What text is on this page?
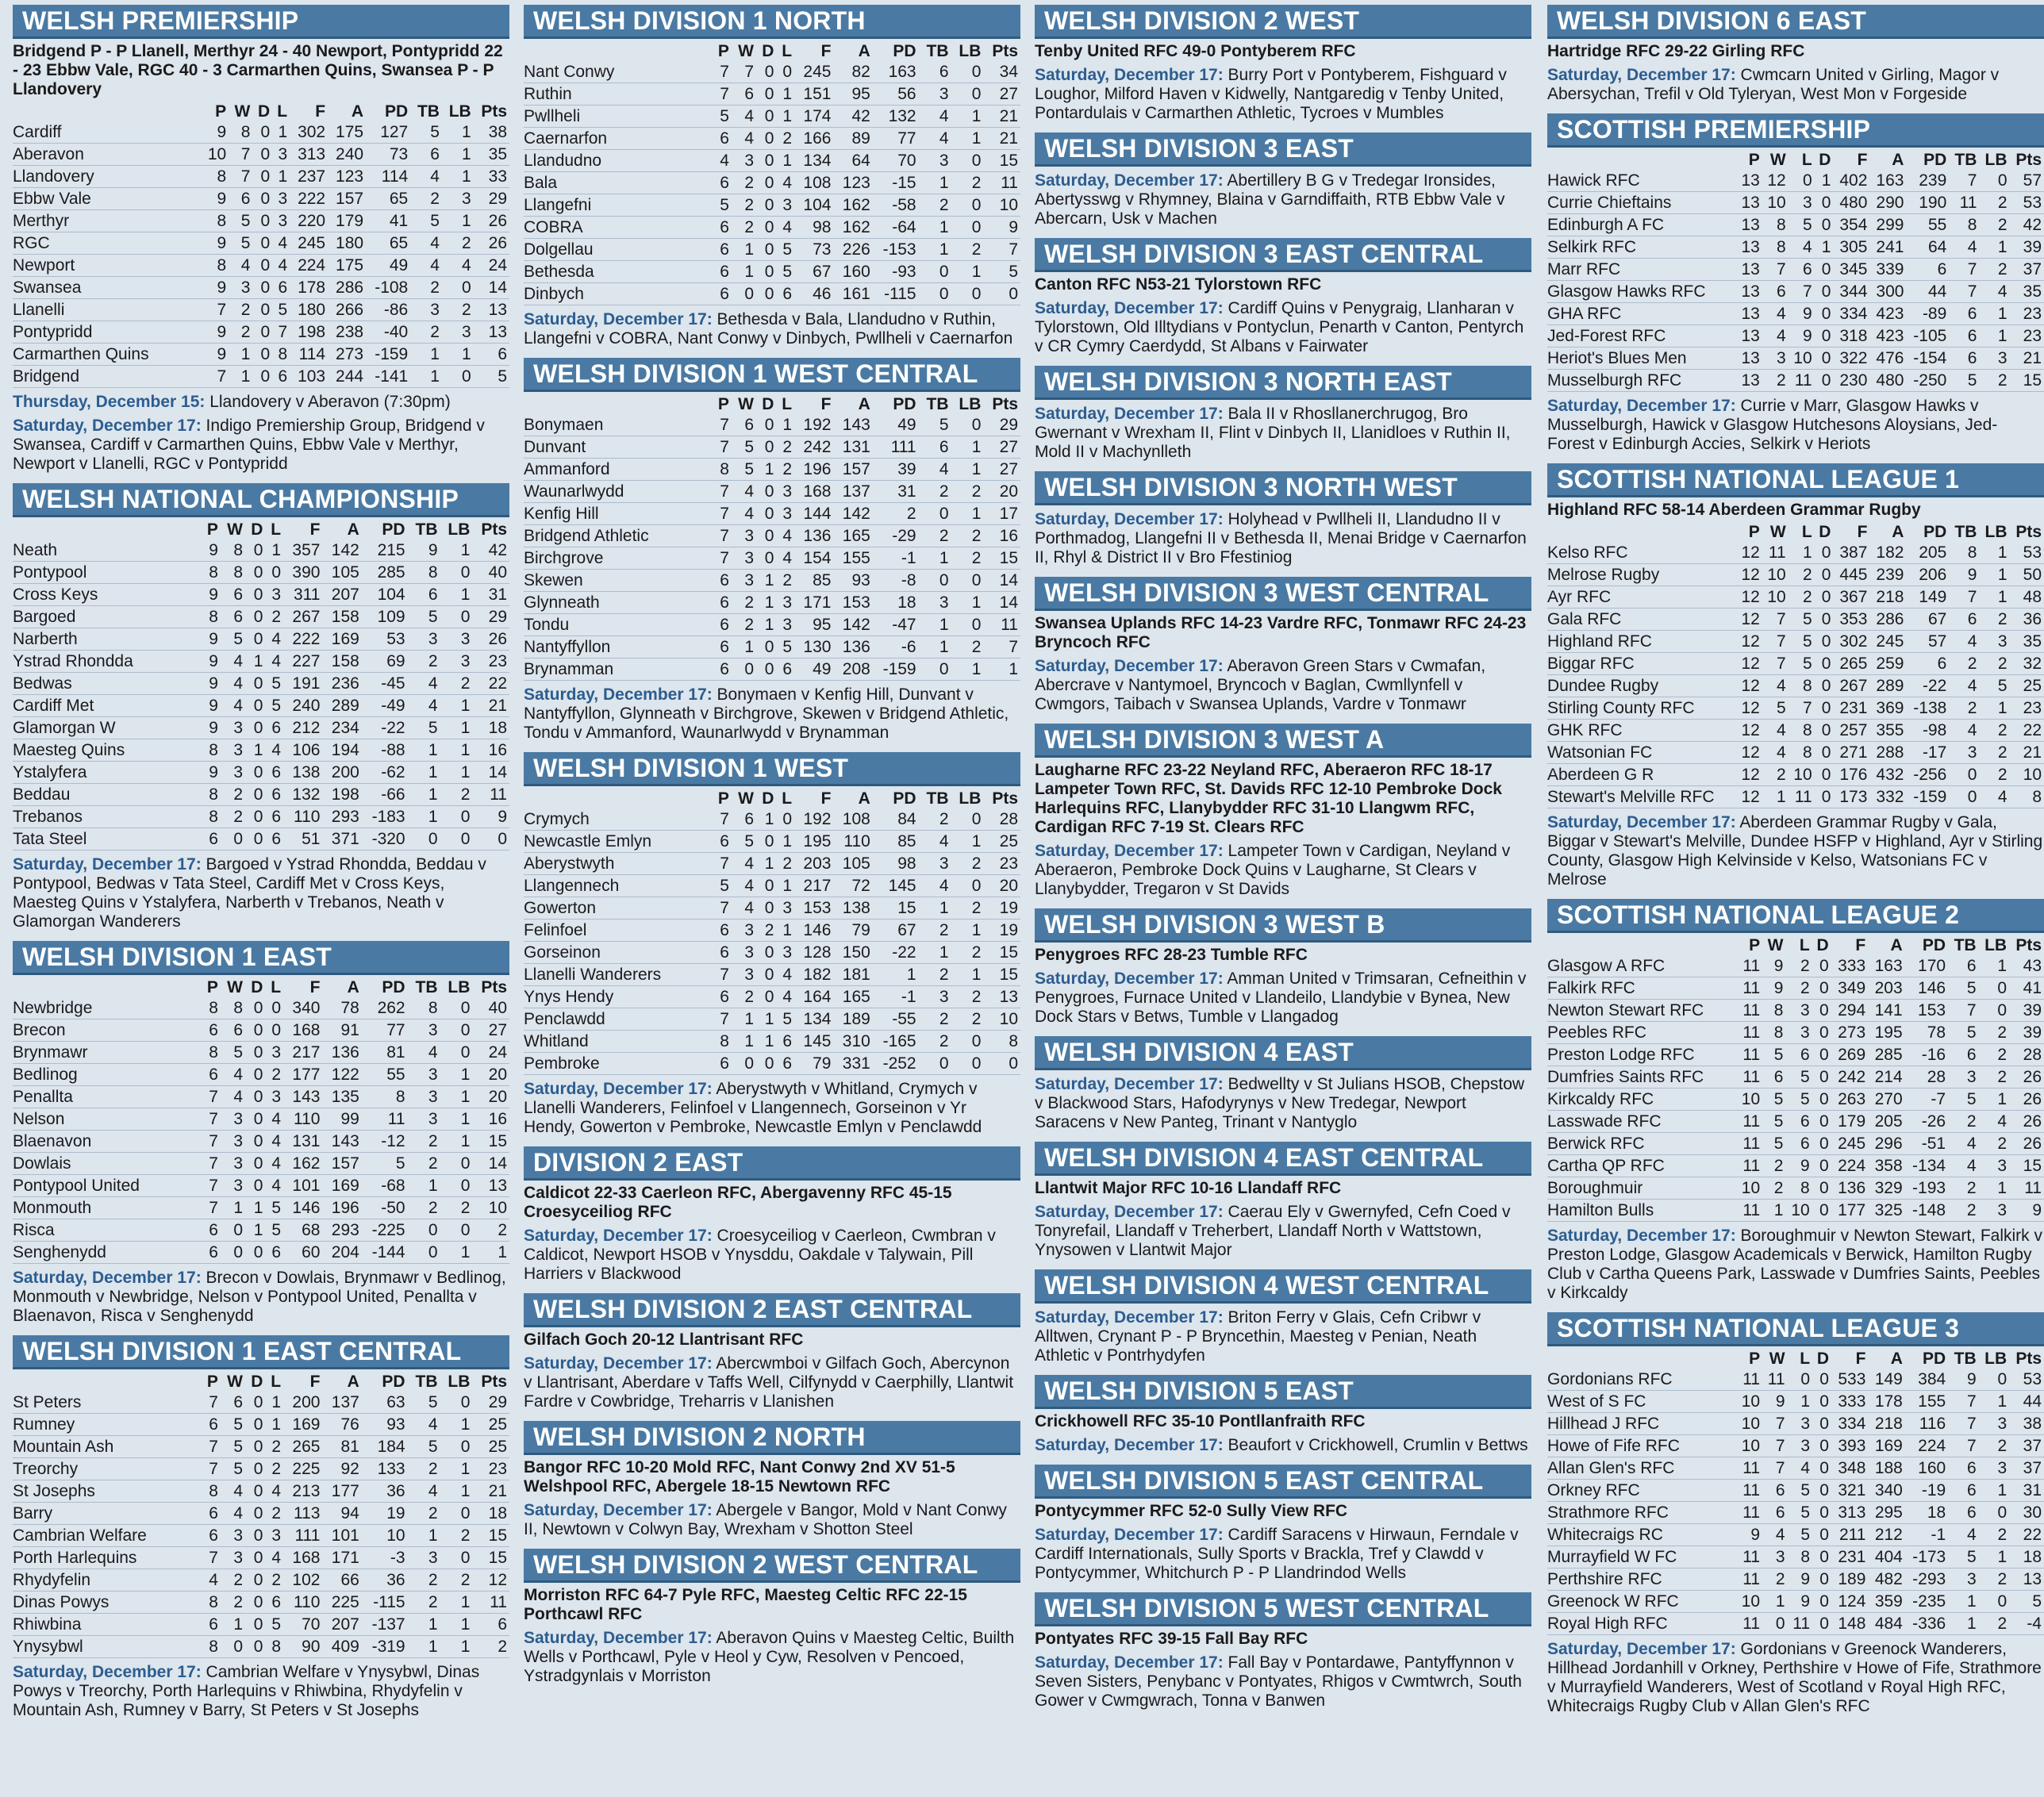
WELSH PREMIERSHIP
Bridgend P - P Llanell, Merthyr 24 - 40 Newport, Pontypridd 22 - 23 Ebbw Vale, RGC 40 - 3 Carmarthen Quins, Swansea P - P Llandovery
	P	W	D	L	F	A	PD	TB	LB	Pts
Cardiff	9	8	0	1	302	175	127	5	1	38
Aberavon	10	7	0	3	313	240	73	6	1	35
Llandovery	8	7	0	1	237	123	114	4	1	33
Ebbw Vale	9	6	0	3	222	157	65	2	3	29
Merthyr	8	5	0	3	220	179	41	5	1	26
RGC	9	5	0	4	245	180	65	4	2	26
Newport	8	4	0	4	224	175	49	4	4	24
Swansea	9	3	0	6	178	286	-108	2	0	14
Llanelli	7	2	0	5	180	266	-86	3	2	13
Pontypridd	9	2	0	7	198	238	-40	2	3	13
Carmarthen Quins	9	1	0	8	114	273	-159	1	1	6
Bridgend	7	1	0	6	103	244	-141	1	0	5
Thursday, December 15: Llandovery v Aberavon (7:30pm)
Saturday, December 17: Indigo Premiership Group, Bridgend v Swansea, Cardiff v Carmarthen Quins, Ebbw Vale v Merthyr, Newport v Llanelli, RGC v Pontypridd
WELSH NATIONAL CHAMPIONSHIP
	P	W	D	L	F	A	PD	TB	LB	Pts
Neath	9	8	0	1	357	142	215	9	1	42
Pontypool	8	8	0	0	390	105	285	8	0	40
Cross Keys	9	6	0	3	311	207	104	6	1	31
Bargoed	8	6	0	2	267	158	109	5	0	29
Narberth	9	5	0	4	222	169	53	3	3	26
Ystrad Rhondda	9	4	1	4	227	158	69	2	3	23
Bedwas	9	4	0	5	191	236	-45	4	2	22
Cardiff Met	9	4	0	5	240	289	-49	4	1	21
Glamorgan W	9	3	0	6	212	234	-22	5	1	18
Maesteg Quins	8	3	1	4	106	194	-88	1	1	16
Ystalyfera	9	3	0	6	138	200	-62	1	1	14
Beddau	8	2	0	6	132	198	-66	1	2	11
Trebanos	8	2	0	6	110	293	-183	1	0	9
Tata Steel	6	0	0	6	51	371	-320	0	0	0
Saturday, December 17: Bargoed v Ystrad Rhondda, Beddau v Pontypool, Bedwas v Tata Steel, Cardiff Met v Cross Keys, Maesteg Quins v Ystalyfera, Narberth v Trebanos, Neath v Glamorgan Wanderers
WELSH DIVISION 1 EAST
	P	W	D	L	F	A	PD	TB	LB	Pts
Newbridge	8	8	0	0	340	78	262	8	0	40
Brecon	6	6	0	0	168	91	77	3	0	27
Brynmawr	8	5	0	3	217	136	81	4	0	24
Bedlinog	6	4	0	2	177	122	55	3	1	20
Penallta	7	4	0	3	143	135	8	3	1	20
Nelson	7	3	0	4	110	99	11	3	1	16
Blaenavon	7	3	0	4	131	143	-12	2	1	15
Dowlais	7	3	0	4	162	157	5	2	0	14
Pontypool United	7	3	0	4	101	169	-68	1	0	13
Monmouth	7	1	1	5	146	196	-50	2	2	10
Risca	6	0	1	5	68	293	-225	0	0	2
Senghenydd	6	0	0	6	60	204	-144	0	1	1
Saturday, December 17: Brecon v Dowlais, Brynmawr v Bedlinog, Monmouth v Newbridge, Nelson v Pontypool United, Penallta v Blaenavon, Risca v Senghenydd
WELSH DIVISION 1 EAST CENTRAL
	P	W	D	L	F	A	PD	TB	LB	Pts
St Peters	7	6	0	1	200	137	63	5	0	29
Rumney	6	5	0	1	169	76	93	4	1	25
Mountain Ash	7	5	0	2	265	81	184	5	0	25
Treorchy	7	5	0	2	225	92	133	2	1	23
St Josephs	8	4	0	4	213	177	36	4	1	21
Barry	6	4	0	2	113	94	19	2	0	18
Cambrian Welfare	6	3	0	3	111	101	10	1	2	15
Porth Harlequins	7	3	0	4	168	171	-3	3	0	15
Rhydyfelin	4	2	0	2	102	66	36	2	2	12
Dinas Powys	8	2	0	6	110	225	-115	2	1	11
Rhiwbina	6	1	0	5	70	207	-137	1	1	6
Ynysybwl	8	0	0	8	90	409	-319	1	1	2
Saturday, December 17: Cambrian Welfare v Ynysybwl, Dinas Powys v Treorchy, Porth Harlequins v Rhiwbina, Rhydyfelin v Mountain Ash, Rumney v Barry, St Peters v St Josephs
WELSH DIVISION 1 NORTH
	P	W	D	L	F	A	PD	TB	LB	Pts
Nant Conwy	7	7	0	0	245	82	163	6	0	34
Ruthin	7	6	0	1	151	95	56	3	0	27
Pwllheli	5	4	0	1	174	42	132	4	1	21
Caernarfon	6	4	0	2	166	89	77	4	1	21
Llandudno	4	3	0	1	134	64	70	3	0	15
Bala	6	2	0	4	108	123	-15	1	2	11
Llangefni	5	2	0	3	104	162	-58	2	0	10
COBRA	6	2	0	4	98	162	-64	1	0	9
Dolgellau	6	1	0	5	73	226	-153	1	2	7
Bethesda	6	1	0	5	67	160	-93	0	1	5
Dinbych	6	0	0	6	46	161	-115	0	0	0
Saturday, December 17: Bethesda v Bala, Llandudno v Ruthin, Llangefni v COBRA, Nant Conwy v Dinbych, Pwllheli v Caernarfon
WELSH DIVISION 1 WEST CENTRAL
	P	W	D	L	F	A	PD	TB	LB	Pts
Bonymaen	7	6	0	1	192	143	49	5	0	29
Dunvant	7	5	0	2	242	131	111	6	1	27
Ammanford	8	5	1	2	196	157	39	4	1	27
Waunarlwydd	7	4	0	3	168	137	31	2	2	20
Kenfig Hill	7	4	0	3	144	142	2	0	1	17
Bridgend Athletic	7	3	0	4	136	165	-29	2	2	16
Birchgrove	7	3	0	4	154	155	-1	1	2	15
Skewen	6	3	1	2	85	93	-8	0	0	14
Glynneath	6	2	1	3	171	153	18	3	1	14
Tondu	6	2	1	3	95	142	-47	1	0	11
Nantyffyllon	6	1	0	5	130	136	-6	1	2	7
Brynamman	6	0	0	6	49	208	-159	0	1	1
Saturday, December 17: Bonymaen v Kenfig Hill, Dunvant v Nantyffyllon, Glynneath v Birchgrove, Skewen v Bridgend Athletic, Tondu v Ammanford, Waunarlwydd v Brynamman
WELSH DIVISION 1 WEST
	P	W	D	L	F	A	PD	TB	LB	Pts
Crymych	7	6	1	0	192	108	84	2	0	28
Newcastle Emlyn	6	5	0	1	195	110	85	4	1	25
Aberystwyth	7	4	1	2	203	105	98	3	2	23
Llangennech	5	4	0	1	217	72	145	4	0	20
Gowerton	7	4	0	3	153	138	15	1	2	19
Felinfoel	6	3	2	1	146	79	67	2	1	19
Gorseinon	6	3	0	3	128	150	-22	1	2	15
Llanelli Wanderers	7	3	0	4	182	181	1	2	1	15
Ynys Hendy	6	2	0	4	164	165	-1	3	2	13
Penclawdd	7	1	1	5	134	189	-55	2	2	10
Whitland	8	1	1	6	145	310	-165	2	0	8
Pembroke	6	0	0	6	79	331	-252	0	0	0
Saturday, December 17: Aberystwyth v Whitland, Crymych v Llanelli Wanderers, Felinfoel v Llangennech, Gorseinon v Yr Hendy, Gowerton v Pembroke, Newcastle Emlyn v Penclawdd
DIVISION 2 EAST
Caldicot 22-33 Caerleon RFC, Abergavenny RFC 45-15 Croesyceiliog RFC
Saturday, December 17: Croesyceiliog v Caerleon, Cwmbran v Caldicot, Newport HSOB v Ynysddu, Oakdale v Talywain, Pill Harriers v Blackwood
WELSH DIVISION 2 EAST CENTRAL
Gilfach Goch 20-12 Llantrisant RFC
Saturday, December 17: Abercwmboi v Gilfach Goch, Abercynon v Llantrisant, Aberdare v Taffs Well, Cilfynydd v Caerphilly, Llantwit Fardre v Cowbridge, Treharris v Llanishen
WELSH DIVISION 2 NORTH
Bangor RFC 10-20 Mold RFC, Nant Conwy 2nd XV 51-5 Welshpool RFC, Abergele 18-15 Newtown RFC
Saturday, December 17: Abergele v Bangor, Mold v Nant Conwy II, Newtown v Colwyn Bay, Wrexham v Shotton Steel
WELSH DIVISION 2 WEST CENTRAL
Morriston RFC 64-7 Pyle RFC, Maesteg Celtic RFC 22-15 Porthcawl RFC
Saturday, December 17: Aberavon Quins v Maesteg Celtic, Builth Wells v Porthcawl, Pyle v Heol y Cyw, Resolven v Pencoed, Ystradgynlais v Morriston
WELSH DIVISION 2 WEST
Tenby United RFC 49-0 Pontyberem RFC
Saturday, December 17: Burry Port v Pontyberem, Fishguard v Loughor, Milford Haven v Kidwelly, Nantgaredig v Tenby United, Pontardulais v Carmarthen Athletic, Tycroes v Mumbles
WELSH DIVISION 3 EAST
Saturday, December 17: Abertillery B G v Tredegar Ironsides, Abertysswg v Rhymney, Blaina v Garndiffaith, RTB Ebbw Vale v Abercarn, Usk v Machen
WELSH DIVISION 3 EAST CENTRAL
Canton RFC N53-21 Tylorstown RFC
Saturday, December 17: Cardiff Quins v Penygraig, Llanharan v Tylorstown, Old Illtydians v Pontyclun, Penarth v Canton, Pentyrch v CR Cymry Caerdydd, St Albans v Fairwater
WELSH DIVISION 3 NORTH EAST
Saturday, December 17: Bala II v Rhosllanerchrugog, Bro Gwernant v Wrexham II, Flint v Dinbych II, Llanidloes v Ruthin II, Mold II v Machynlleth
WELSH DIVISION 3 NORTH WEST
Saturday, December 17: Holyhead v Pwllheli II, Llandudno II v Porthmadog, Llangefni II v Bethesda II, Menai Bridge v Caernarfon II, Rhyl & District II v Bro Ffestiniog
WELSH DIVISION 3 WEST CENTRAL
Swansea Uplands RFC 14-23 Vardre RFC, Tonmawr RFC 24-23 Bryncoch RFC
Saturday, December 17: Aberavon Green Stars v Cwmafan, Abercrave v Nantymoel, Bryncoch v Baglan, Cwmllynfell v Cwmgors, Taibach v Swansea Uplands, Vardre v Tonmawr
WELSH DIVISION 3 WEST A
Laugharne RFC 23-22 Neyland RFC, Aberaeron RFC 18-17 Lampeter Town RFC, St. Davids RFC 12-10 Pembroke Dock Harlequins RFC, Llanybydder RFC 31-10 Llangwm RFC, Cardigan RFC 7-19 St. Clears RFC
Saturday, December 17: Lampeter Town v Cardigan, Neyland v Aberaeron, Pembroke Dock Quins v Laugharne, St Clears v Llanybydder, Tregaron v St Davids
WELSH DIVISION 3 WEST B
Penygroes RFC 28-23 Tumble RFC
Saturday, December 17: Amman United v Trimsaran, Cefneithin v Penygroes, Furnace United v Llandeilo, Llandybie v Bynea, New Dock Stars v Betws, Tumble v Llangadog
WELSH DIVISION 4 EAST
Saturday, December 17: Bedwellty v St Julians HSOB, Chepstow v Blackwood Stars, Hafodyrynys v New Tredegar, Newport Saracens v New Panteg, Trinant v Nantyglo
WELSH DIVISION 4 EAST CENTRAL
Llantwit Major RFC 10-16 Llandaff RFC
Saturday, December 17: Caerau Ely v Gwernyfed, Cefn Coed v Tonyrefail, Llandaff v Treherbert, Llandaff North v Wattstown, Ynysowen v Llantwit Major
WELSH DIVISION 4 WEST CENTRAL
Saturday, December 17: Briton Ferry v Glais, Cefn Cribwr v Alltwen, Crynant P - P Bryncethin, Maesteg v Penian, Neath Athletic v Pontrhydyfen
WELSH DIVISION 5 EAST
Crickhowell RFC 35-10 Pontllanfraith RFC
Saturday, December 17: Beaufort v Crickhowell, Crumlin v Bettws
WELSH DIVISION 5 EAST CENTRAL
Pontycymmer RFC 52-0 Sully View RFC
Saturday, December 17: Cardiff Saracens v Hirwaun, Ferndale v Cardiff Internationals, Sully Sports v Brackla, Tref y Clawdd v Pontycymmer, Whitchurch P - P Llandrindod Wells
WELSH DIVISION 5 WEST CENTRAL
Pontyates RFC 39-15 Fall Bay RFC
Saturday, December 17: Fall Bay v Pontardawe, Pantyffynnon v Seven Sisters, Penybanc v Pontyates, Rhigos v Cwmtwrch, South Gower v Cwmgwrach, Tonna v Banwen
WELSH DIVISION 6 EAST
Hartridge RFC 29-22 Girling RFC
Saturday, December 17: Cwmcarn United v Girling, Magor v Abersychan, Trefil v Old Tyleryan, West Mon v Forgeside
SCOTTISH PREMIERSHIP
	P	W	L	D	F	A	PD	TB	LB	Pts
Hawick RFC	13	12	0	1	402	163	239	7	0	57
Currie Chieftains	13	10	3	0	480	290	190	11	2	53
Edinburgh A FC	13	8	5	0	354	299	55	8	2	42
Selkirk RFC	13	8	4	1	305	241	64	4	1	39
Marr RFC	13	7	6	0	345	339	6	7	2	37
Glasgow Hawks RFC	13	6	7	0	344	300	44	7	4	35
GHA RFC	13	4	9	0	334	423	-89	6	1	23
Jed-Forest RFC	13	4	9	0	318	423	-105	6	1	23
Heriot's Blues Men	13	3	10	0	322	476	-154	6	3	21
Musselburgh RFC	13	2	11	0	230	480	-250	5	2	15
Saturday, December 17: Currie v Marr, Glasgow Hawks v Musselburgh, Hawick v Glasgow Hutchesons Aloysians, Jed-Forest v Edinburgh Accies, Selkirk v Heriots
SCOTTISH NATIONAL LEAGUE 1
Highland RFC 58-14 Aberdeen Grammar Rugby
	P	W	L	D	F	A	PD	TB	LB	Pts
Kelso RFC	12	11	1	0	387	182	205	8	1	53
Melrose Rugby	12	10	2	0	445	239	206	9	1	50
Ayr RFC	12	10	2	0	367	218	149	7	1	48
Gala RFC	12	7	5	0	353	286	67	6	2	36
Highland RFC	12	7	5	0	302	245	57	4	3	35
Biggar RFC	12	7	5	0	265	259	6	2	2	32
Dundee Rugby	12	4	8	0	267	289	-22	4	5	25
Stirling County RFC	12	5	7	0	231	369	-138	2	1	23
GHK RFC	12	4	8	0	257	355	-98	4	2	22
Watsonian FC	12	4	8	0	271	288	-17	3	2	21
Aberdeen G R	12	2	10	0	176	432	-256	0	2	10
Stewart's Melville RFC	12	1	11	0	173	332	-159	0	4	8
Saturday, December 17: Aberdeen Grammar Rugby v Gala, Biggar v Stewart's Melville, Dundee HSFP v Highland, Ayr v Stirling County, Glasgow High Kelvinside v Kelso, Watsonians FC v Melrose
SCOTTISH NATIONAL LEAGUE 2
	P	W	L	D	F	A	PD	TB	LB	Pts
Glasgow A RFC	11	9	2	0	333	163	170	6	1	43
Falkirk RFC	11	9	2	0	349	203	146	5	0	41
Newton Stewart RFC	11	8	3	0	294	141	153	7	0	39
Peebles RFC	11	8	3	0	273	195	78	5	2	39
Preston Lodge RFC	11	5	6	0	269	285	-16	6	2	28
Dumfries Saints RFC	11	6	5	0	242	214	28	3	2	26
Kirkcaldy RFC	10	5	5	0	263	270	-7	5	1	26
Lasswade RFC	11	5	6	0	179	205	-26	2	4	26
Berwick RFC	11	5	6	0	245	296	-51	4	2	26
Cartha QP RFC	11	2	9	0	224	358	-134	4	3	15
Boroughmuir	10	2	8	0	136	329	-193	2	1	11
Hamilton Bulls	11	1	10	0	177	325	-148	2	3	9
Saturday, December 17: Boroughmuir v Newton Stewart, Falkirk v Preston Lodge, Glasgow Academicals v Berwick, Hamilton Rugby Club v Cartha Queens Park, Lasswade v Dumfries Saints, Peebles v Kirkcaldy
SCOTTISH NATIONAL LEAGUE 3
	P	W	L	D	F	A	PD	TB	LB	Pts
Gordonians RFC	11	11	0	0	533	149	384	9	0	53
West of S FC	10	9	1	0	333	178	155	7	1	44
Hillhead J RFC	10	7	3	0	334	218	116	7	3	38
Howe of Fife RFC	10	7	3	0	393	169	224	7	2	37
Allan Glen's RFC	11	7	4	0	348	188	160	6	3	37
Orkney RFC	11	6	5	0	321	340	-19	6	1	31
Strathmore RFC	11	6	5	0	313	295	18	6	0	30
Whitecraigs RC	9	4	5	0	211	212	-1	4	2	22
Murrayfield W FC	11	3	8	0	231	404	-173	5	1	18
Perthshire RFC	11	2	9	0	189	482	-293	3	2	13
Greenock W RFC	10	1	9	0	124	359	-235	1	0	5
Royal High RFC	11	0	11	0	148	484	-336	1	2	-4
Saturday, December 17: Gordonians v Greenock Wanderers, Hillhead Jordanhill v Orkney, Perthshire v Howe of Fife, Strathmore v Murrayfield Wanderers, West of Scotland v Royal High RFC, Whitecraigs Rugby Club v Allan Glen's RFC
